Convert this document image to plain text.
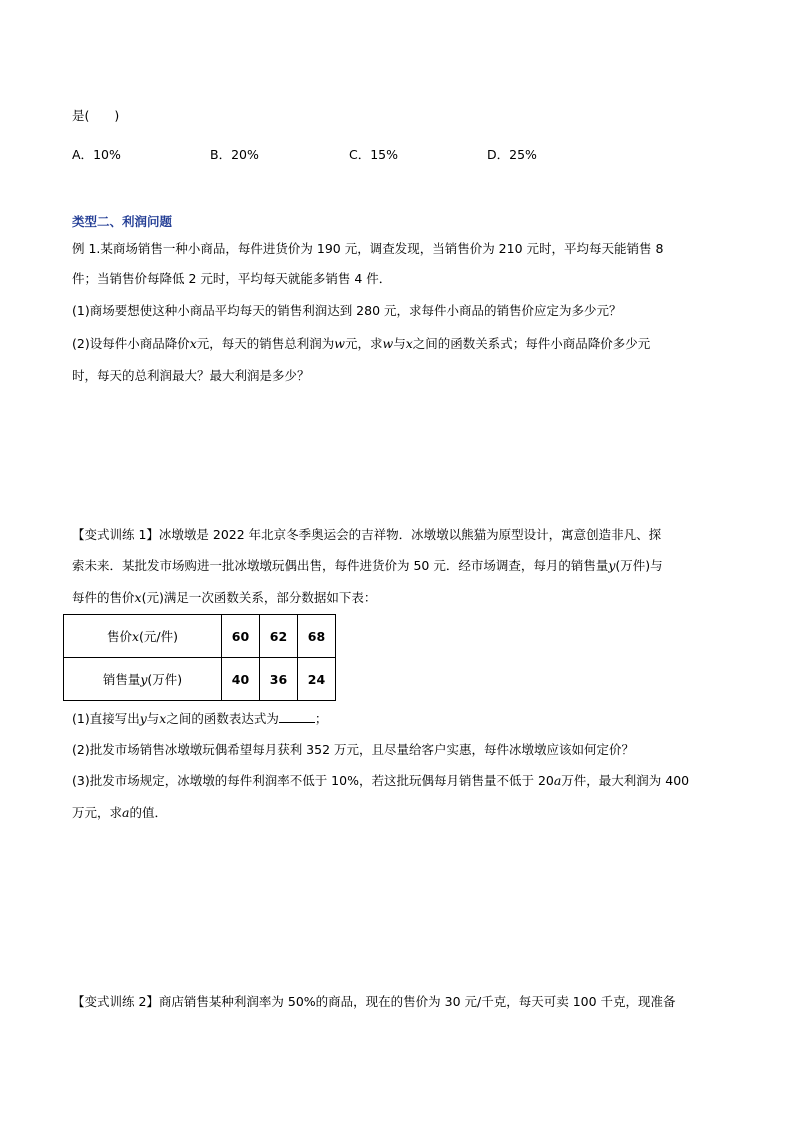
是(　　)
A．10%	B．20%	C．15%	D．25%
类型二、利润问题
例 1.某商场销售一种小商品，每件进货价为 190 元，调查发现，当销售价为 210 元时，平均每天能销售 8
件；当销售价每降低 2 元时，平均每天就能多销售 4 件．
(1)商场要想使这种小商品平均每天的销售利润达到 280 元，求每件小商品的销售价应定为多少元？
(2)设每件小商品降价x元，每天的销售总利润为w元，求w与x之间的函数关系式；每件小商品降价多少元
时，每天的总利润最大？最大利润是多少？
【变式训练 1】冰墩墩是 2022 年北京冬季奥运会的吉祥物．冰墩墩以熊猫为原型设计，寓意创造非凡、探
索未来．某批发市场购进一批冰墩墩玩偶出售，每件进货价为 50 元．经市场调查，每月的销售量y(万件)与
每件的售价x(元)满足一次函数关系，部分数据如下表：
售价x(元/件)	60	62	68
销售量y(万件)	40	36	24
(1)直接写出y与x之间的函数表达式为	；
(2)批发市场销售冰墩墩玩偶希望每月获利 352 万元，且尽量给客户实惠，每件冰墩墩应该如何定价？
(3)批发市场规定，冰墩墩的每件利润率不低于 10%，若这批玩偶每月销售量不低于 20a万件，最大利润为 400
万元，求a的值．
【变式训练 2】商店销售某种利润率为 50%的商品，现在的售价为 30 元/千克，每天可卖 100 千克，现准备
